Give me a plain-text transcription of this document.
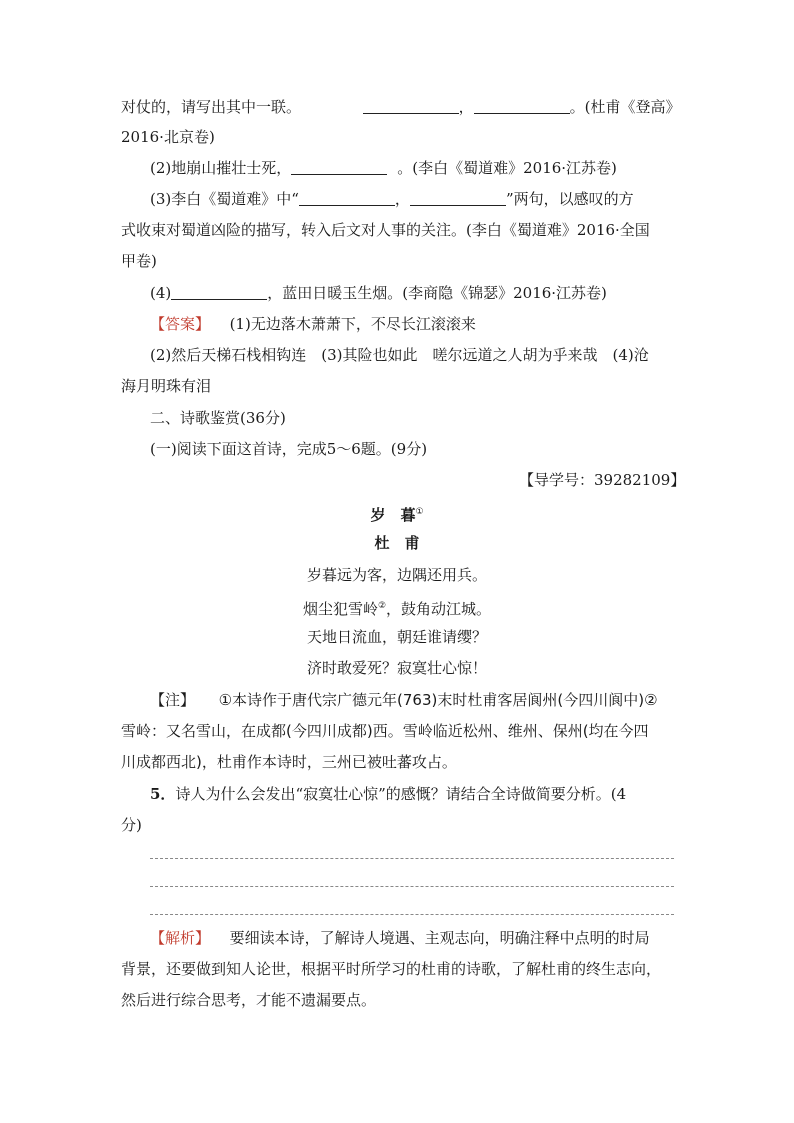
对仗的，请写出其中一联。	，	。(杜甫《登高》
2016·北京卷)
(2)地崩山摧壮士死，	。(李白《蜀道难》2016·江苏卷)
(3)李白《蜀道难》中“	，	”两句，以感叹的方
式收束对蜀道凶险的描写，转入后文对人事的关注。(李白《蜀道难》2016·全国
甲卷)
(4)	，蓝田日暖玉生烟。(李商隐《锦瑟》2016·江苏卷)
【答案】 (1)无边落木萧萧下，不尽长江滚滚来
(2)然后天梯石栈相钩连　(3)其险也如此　嗟尔远道之人胡为乎来哉　(4)沧
海月明珠有泪
二、诗歌鉴赏(36分)
(一)阅读下面这首诗，完成5～6题。(9分)
【导学号：39282109】
岁　暮①
杜　甫
岁暮远为客，边隅还用兵。
烟尘犯雪岭②，鼓角动江城。
天地日流血，朝廷谁请缨？
济时敢爱死？寂寞壮心惊！
【注】 ①本诗作于唐代宗广德元年(763)末时杜甫客居阆州(今四川阆中)②
雪岭：又名雪山，在成都(今四川成都)西。雪岭临近松州、维州、保州(均在今四
川成都西北)，杜甫作本诗时，三州已被吐蕃攻占。
5．诗人为什么会发出“寂寞壮心惊”的感慨？请结合全诗做简要分析。(4
分)
【解析】 要细读本诗，了解诗人境遇、主观志向，明确注释中点明的时局
背景，还要做到知人论世，根据平时所学习的杜甫的诗歌，了解杜甫的终生志向，
然后进行综合思考，才能不遗漏要点。
